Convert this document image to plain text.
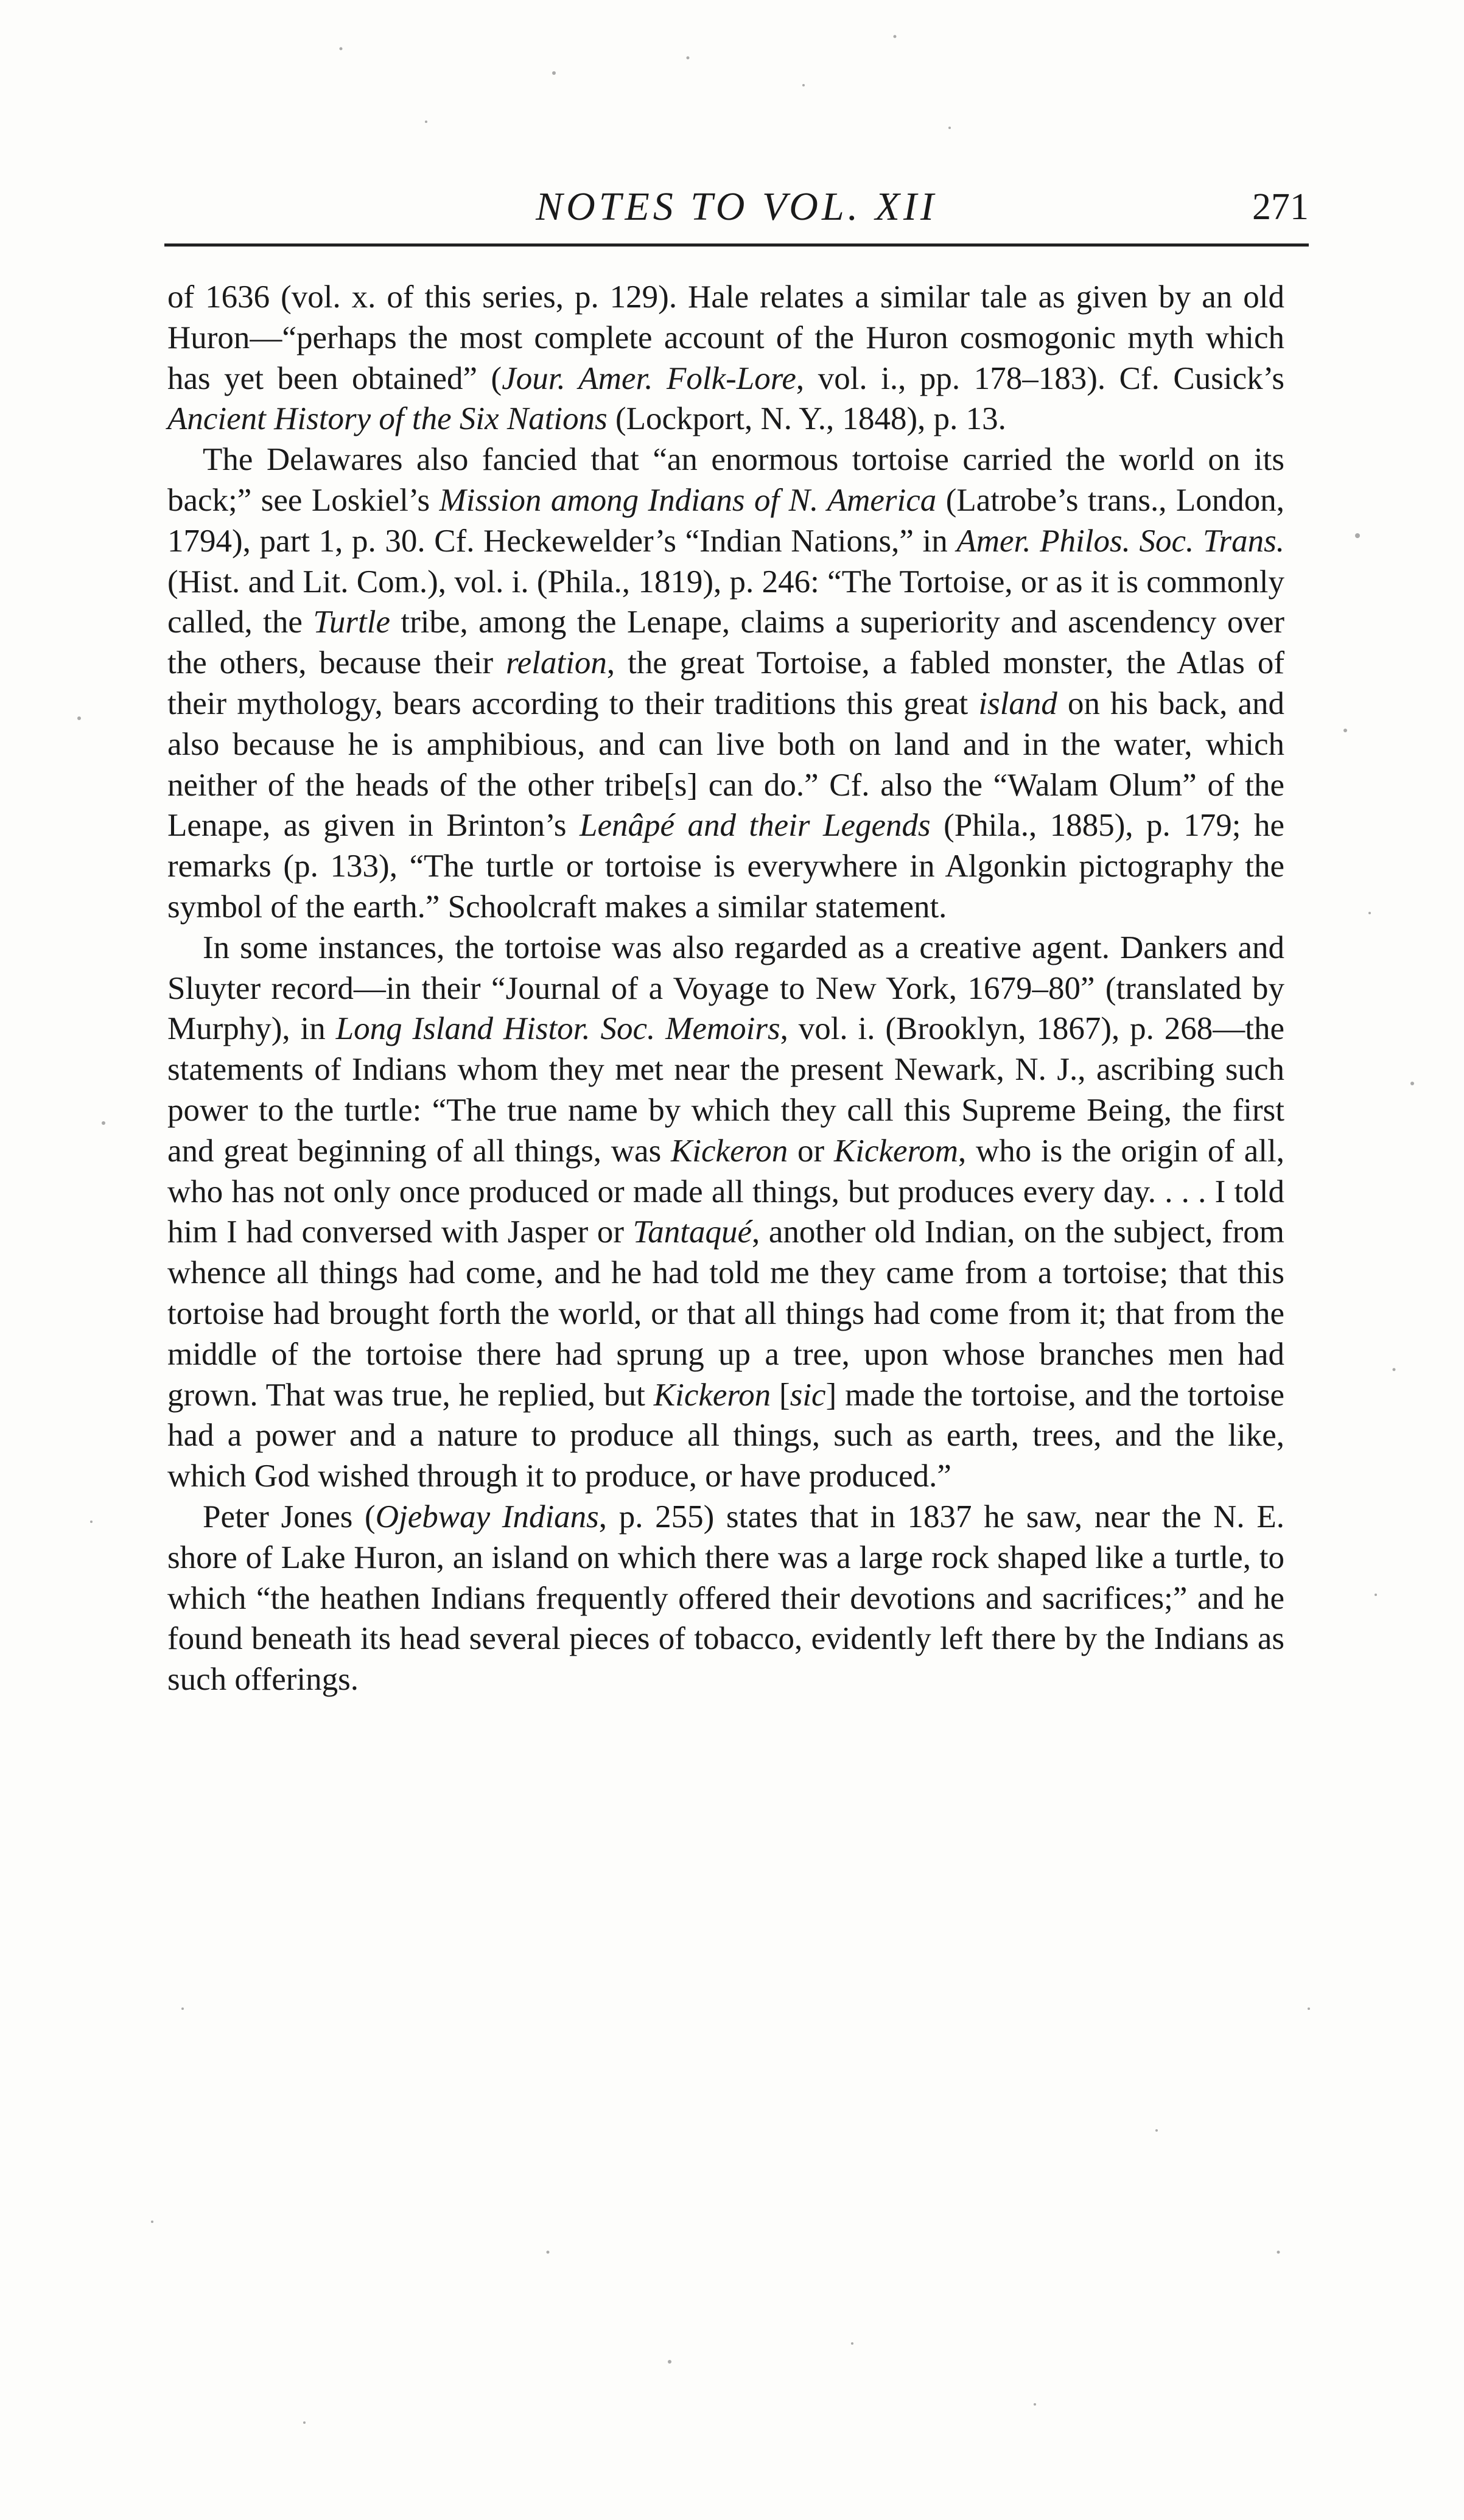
NOTES TO VOL. XII	271

of 1636 (vol. x. of this series, p. 129). Hale relates a similar tale as given by an old Huron—“perhaps the most complete account of the Huron cosmogonic myth which has yet been obtained” (Jour. Amer. Folk-Lore, vol. i., pp. 178–183). Cf. Cusick’s Ancient History of the Six Nations (Lockport, N. Y., 1848), p. 13.

The Delawares also fancied that “an enormous tortoise carried the world on its back;” see Loskiel’s Mission among Indians of N. America (Latrobe’s trans., London, 1794), part 1, p. 30. Cf. Heckewelder’s “Indian Nations,” in Amer. Philos. Soc. Trans. (Hist. and Lit. Com.), vol. i. (Phila., 1819), p. 246: “The Tortoise, or as it is commonly called, the Turtle tribe, among the Lenape, claims a superiority and ascendency over the others, because their relation, the great Tortoise, a fabled monster, the Atlas of their mythology, bears according to their traditions this great island on his back, and also because he is amphibious, and can live both on land and in the water, which neither of the heads of the other tribe[s] can do.” Cf. also the “Walam Olum” of the Lenape, as given in Brinton’s Lenâpé and their Legends (Phila., 1885), p. 179; he remarks (p. 133), “The turtle or tortoise is everywhere in Algonkin pictography the symbol of the earth.” Schoolcraft makes a similar statement.

In some instances, the tortoise was also regarded as a creative agent. Dankers and Sluyter record—in their “Journal of a Voyage to New York, 1679–80” (translated by Murphy), in Long Island Histor. Soc. Memoirs, vol. i. (Brooklyn, 1867), p. 268—the statements of Indians whom they met near the present Newark, N. J., ascribing such power to the turtle: “The true name by which they call this Supreme Being, the first and great beginning of all things, was Kickeron or Kickerom, who is the origin of all, who has not only once produced or made all things, but produces every day. . . . I told him I had conversed with Jasper or Tantaqué, another old Indian, on the subject, from whence all things had come, and he had told me they came from a tortoise; that this tortoise had brought forth the world, or that all things had come from it; that from the middle of the tortoise there had sprung up a tree, upon whose branches men had grown. That was true, he replied, but Kickeron [sic] made the tortoise, and the tortoise had a power and a nature to produce all things, such as earth, trees, and the like, which God wished through it to produce, or have produced.”

Peter Jones (Ojebway Indians, p. 255) states that in 1837 he saw, near the N. E. shore of Lake Huron, an island on which there was a large rock shaped like a turtle, to which “the heathen Indians frequently offered their devotions and sacrifices;” and he found beneath its head several pieces of tobacco, evidently left there by the Indians as such offerings.
